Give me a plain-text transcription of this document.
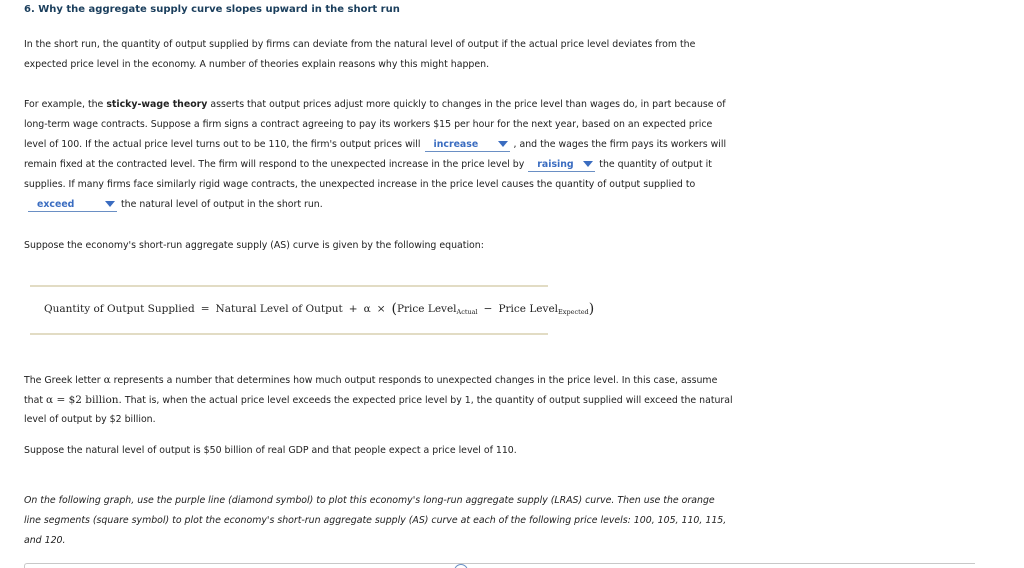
6. Why the aggregate supply curve slopes upward in the short run
In the short run, the quantity of output supplied by firms can deviate from the natural level of output if the actual price level deviates from the
expected price level in the economy. A number of theories explain reasons why this might happen.
For example, the sticky-wage theory asserts that output prices adjust more quickly to changes in the price level than wages do, in part because of
long-term wage contracts. Suppose a firm signs a contract agreeing to pay its workers $15 per hour for the next year, based on an expected price
level of 100. If the actual price level turns out to be 110, the firm's output prices will increase	, and the wages the firm pays its workers will
remain fixed at the contracted level. The firm will respond to the unexpected increase in the price level by raising	the quantity of output it
supplies. If many firms face similarly rigid wage contracts, the unexpected increase in the price level causes the quantity of output supplied to
exceed	the natural level of output in the short run.
Suppose the economy's short-run aggregate supply (AS) curve is given by the following equation:
Quantity of Output Supplied = Natural Level of Output + α × (Price Level$_{Actual}$ − Price Level$_{Expected}$)
The Greek letter α represents a number that determines how much output responds to unexpected changes in the price level. In this case, assume
that α = $2 billion. That is, when the actual price level exceeds the expected price level by 1, the quantity of output supplied will exceed the natural
level of output by $2 billion.
Suppose the natural level of output is $50 billion of real GDP and that people expect a price level of 110.
On the following graph, use the purple line (diamond symbol) to plot this economy's long-run aggregate supply (LRAS) curve. Then use the orange
line segments (square symbol) to plot the economy's short-run aggregate supply (AS) curve at each of the following price levels: 100, 105, 110, 115,
and 120.
